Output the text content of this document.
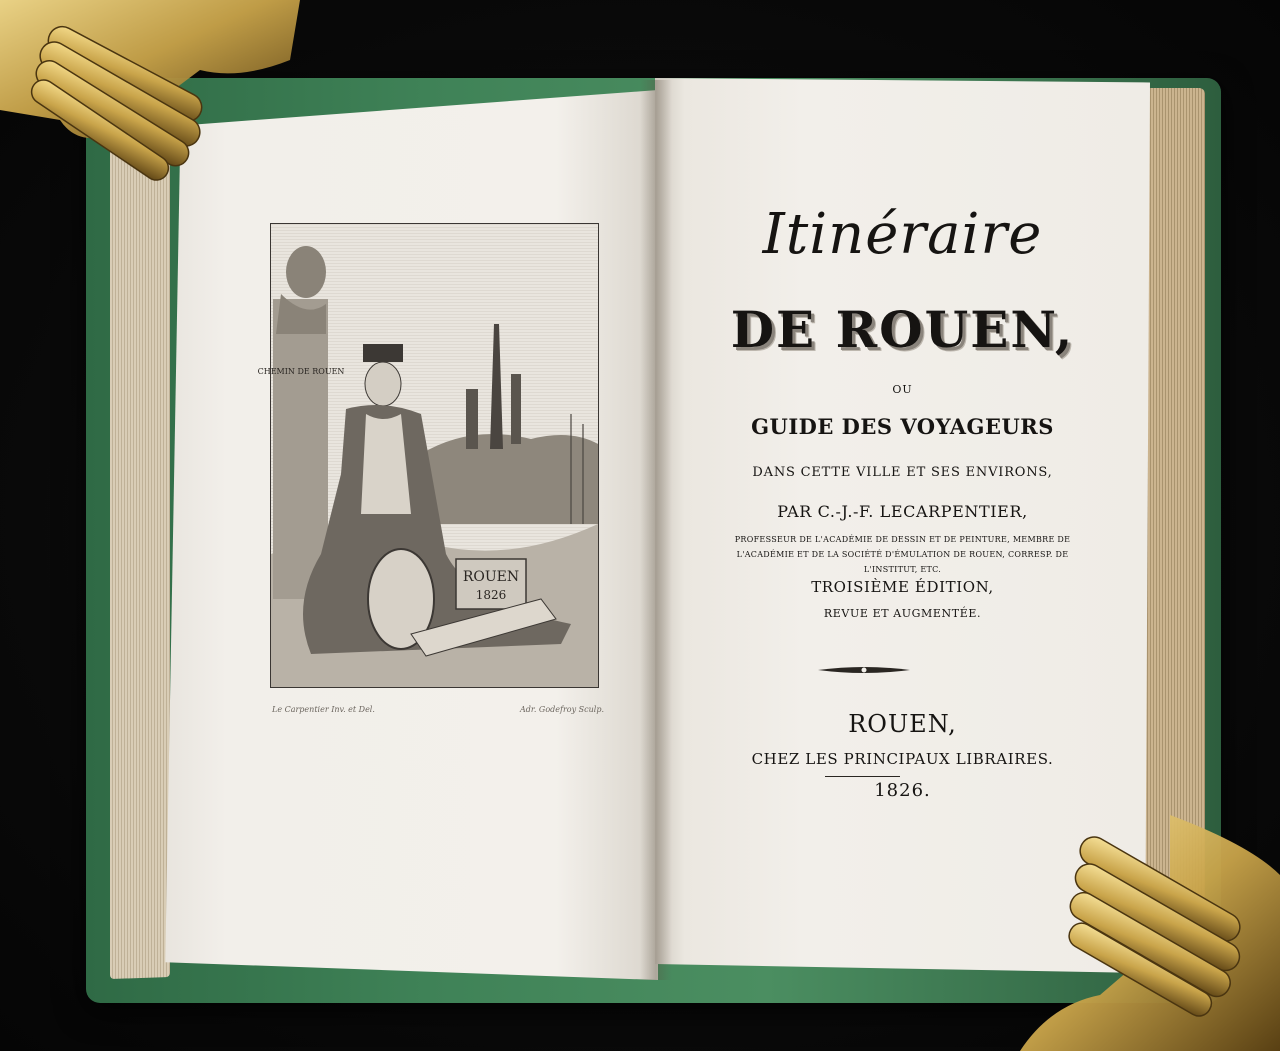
ROUEN
1826
CHEMIN DE ROUEN
Le Carpentier Inv. et Del.	Adr. Godefroy Sculp.
Itinéraire
DE ROUEN,
OU
GUIDE DES VOYAGEURS
DANS CETTE VILLE ET SES ENVIRONS,
PAR C.-J.-F. LECARPENTIER,
PROFESSEUR DE L'ACADÉMIE DE DESSIN ET DE PEINTURE, MEMBRE DE L'ACADÉMIE ET DE LA SOCIÉTÉ D'ÉMULATION DE ROUEN, CORRESP. DE L'INSTITUT, ETC.
TROISIÈME ÉDITION,
REVUE ET AUGMENTÉE.
ROUEN,
CHEZ LES PRINCIPAUX LIBRAIRES.
1826.
